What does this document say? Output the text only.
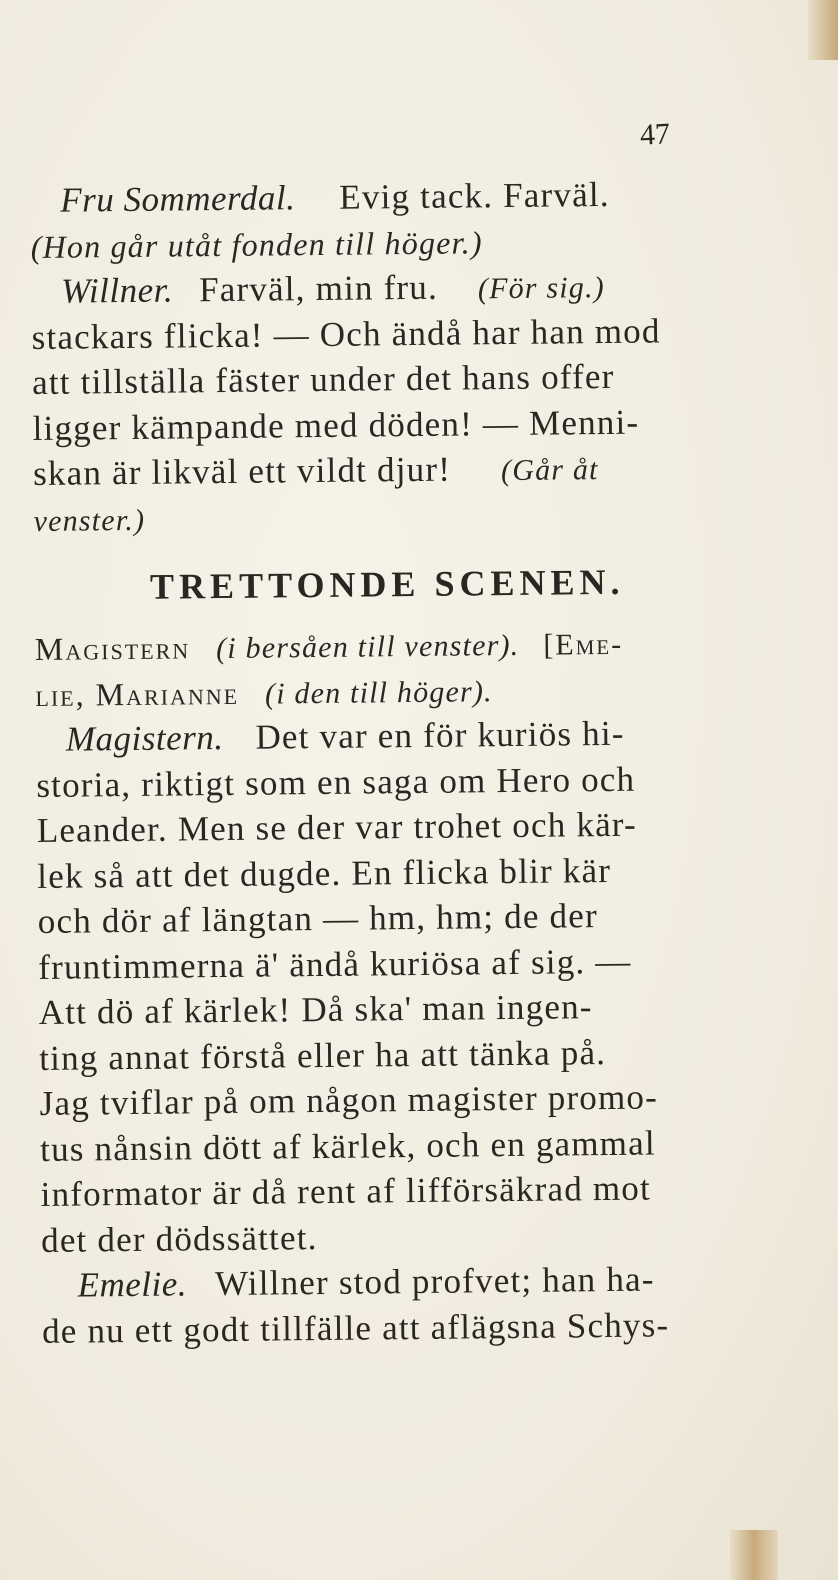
47
Fru Sommerdal. Evig tack. Farväl.
(Hon går utåt fonden till höger.)
Willner. Farväl, min fru. (För sig.)
stackars flicka! — Och ändå har han mod
att tillställa fäster under det hans offer
ligger kämpande med döden! — Menni-
skan är likväl ett vildt djur! (Går åt
venster.)
TRETTONDE SCENEN.
Magistern (i bersåen till venster). [Eme-
lie, Marianne (i den till höger).
Magistern. Det var en för kuriös hi-
storia, riktigt som en saga om Hero och
Leander. Men se der var trohet och kär-
lek så att det dugde. En flicka blir kär
och dör af längtan — hm, hm; de der
fruntimmerna ä' ändå kuriösa af sig. —
Att dö af kärlek! Då ska' man ingen-
ting annat förstå eller ha att tänka på.
Jag tviflar på om någon magister promo-
tus nånsin dött af kärlek, och en gammal
informator är då rent af lifförsäkrad mot
det der dödssättet.
Emelie. Willner stod profvet; han ha-
de nu ett godt tillfälle att aflägsna Schys-
